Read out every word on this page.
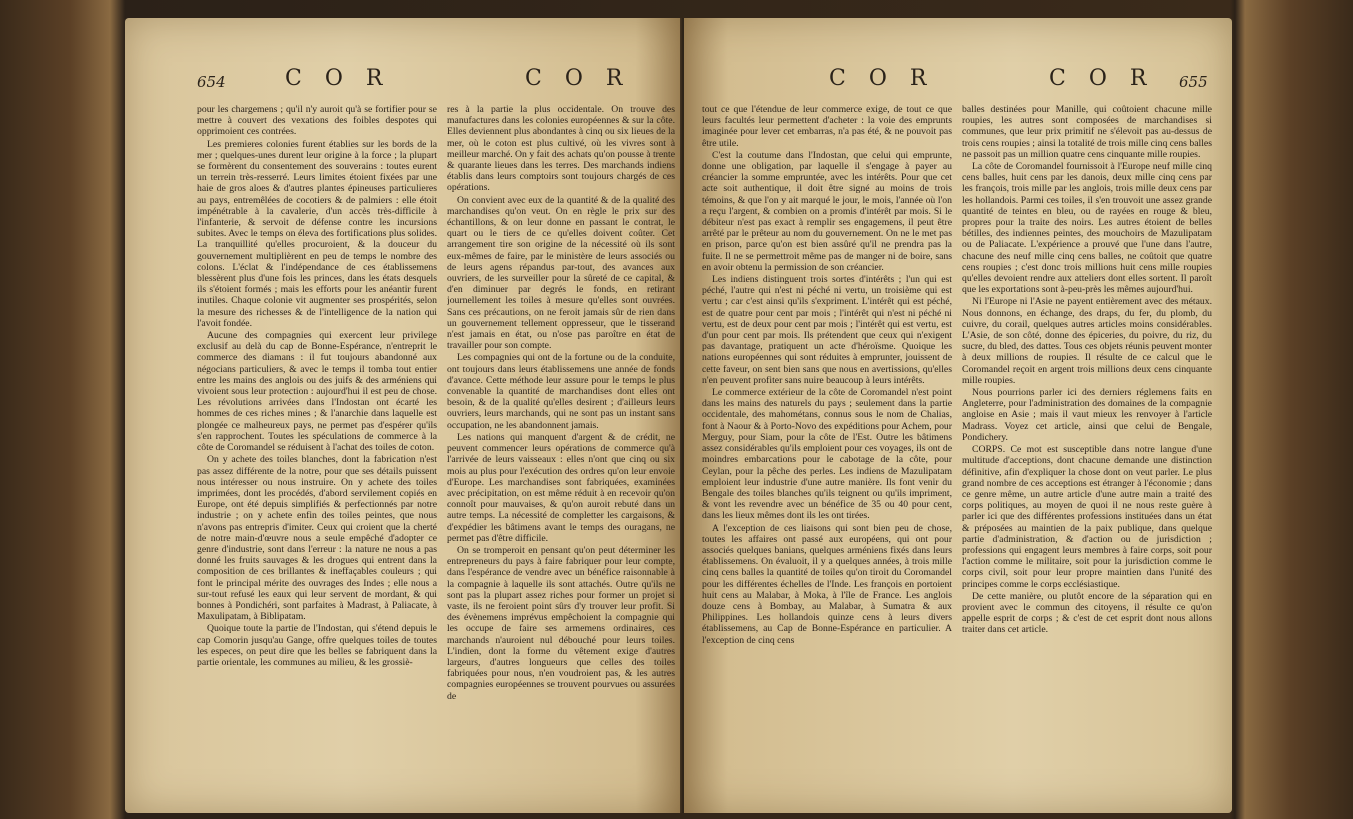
654	C O R	C O R

pour les chargemens ; qu'il n'y auroit qu'à se fortifier pour se mettre à couvert des vexations des foibles despotes qui opprimoient ces contrées.

Les premieres colonies furent établies sur les bords de la mer ; quelques-unes durent leur origine à la force ; la plupart se formèrent du consentement des souverains : toutes eurent un terrein très-resserré. Leurs limites étoient fixées par une haie de gros aloes & d'autres plantes épineuses particulieres au pays, entremêlées de cocotiers & de palmiers : elle étoit impénétrable à la cavalerie, d'un accès très-difficile à l'infanterie, & servoit de défense contre les incursions subites. Avec le temps on éleva des fortifications plus solides. La tranquillité qu'elles procuroient, & la douceur du gouvernement multiplièrent en peu de temps le nombre des colons. L'éclat & l'indépendance de ces établissemens blessèrent plus d'une fois les princes, dans les états desquels ils s'étoient formés ; mais les efforts pour les anéantir furent inutiles. Chaque colonie vit augmenter ses prospérités, selon la mesure des richesses & de l'intelligence de la nation qui l'avoit fondée.

Aucune des compagnies qui exercent leur privilege exclusif au delà du cap de Bonne-Espérance, n'entreprit le commerce des diamans : il fut toujours abandonné aux négocians particuliers, & avec le temps il tomba tout entier entre les mains des anglois ou des juifs & des arméniens qui vivoient sous leur protection : aujourd'hui il est peu de chose. Les révolutions arrivées dans l'Indostan ont écarté les hommes de ces riches mines ; & l'anarchie dans laquelle est plongée ce malheureux pays, ne permet pas d'espérer qu'ils s'en rapprochent. Toutes les spéculations de commerce à la côte de Coromandel se réduisent à l'achat des toiles de coton.

On y achete des toiles blanches, dont la fabrication n'est pas assez différente de la notre, pour que ses détails puissent nous intéresser ou nous instruire. On y achete des toiles imprimées, dont les procédés, d'abord servilement copiés en Europe, ont été depuis simplifiés & perfectionnés par notre industrie ; on y achete enfin des toiles peintes, que nous n'avons pas entrepris d'imiter. Ceux qui croient que la cherté de notre main-d'œuvre nous a seule empêché d'adopter ce genre d'industrie, sont dans l'erreur : la nature ne nous a pas donné les fruits sauvages & les drogues qui entrent dans la composition de ces brillantes & ineffaçables couleurs ; qui font le principal mérite des ouvrages des Indes ; elle nous a sur-tout refusé les eaux qui leur servent de mordant, & qui bonnes à Pondichéri, sont parfaites à Madrast, à Paliacate, à Maxulipatam, à Biblipatam.

Quoique toute la partie de l'Indostan, qui s'étend depuis le cap Comorin jusqu'au Gange, offre quelques toiles de toutes les especes, on peut dire que les belles se fabriquent dans la partie orientale, les communes au milieu, & les grossiè-

res à la partie la plus occidentale. On trouve des manufactures dans les colonies européennes & sur la côte. Elles deviennent plus abondantes à cinq ou six lieues de la mer, où le coton est plus cultivé, où les vivres sont à meilleur marché. On y fait des achats qu'on pousse à trente & quarante lieues dans les terres. Des marchands indiens établis dans leurs comptoirs sont toujours chargés de ces opérations.

On convient avec eux de la quantité & de la qualité des marchandises qu'on veut. On en règle le prix sur des échantillons, & on leur donne en passant le contrat, le quart ou le tiers de ce qu'elles doivent coûter. Cet arrangement tire son origine de la nécessité où ils sont eux-mêmes de faire, par le ministère de leurs associés ou de leurs agens répandus par-tout, des avances aux ouvriers, de les surveiller pour la sûreté de ce capital, & d'en diminuer par degrés le fonds, en retirant journellement les toiles à mesure qu'elles sont ouvrées. Sans ces précautions, on ne feroit jamais sûr de rien dans un gouvernement tellement oppresseur, que le tisserand n'est jamais en état, ou n'ose pas paroître en état de travailler pour son compte.

Les compagnies qui ont de la fortune ou de la conduite, ont toujours dans leurs établissemens une année de fonds d'avance. Cette méthode leur assure pour le temps le plus convenable la quantité de marchandises dont elles ont besoin, & de la qualité qu'elles desirent ; d'ailleurs leurs ouvriers, leurs marchands, qui ne sont pas un instant sans occupation, ne les abandonnent jamais.

Les nations qui manquent d'argent & de crédit, ne peuvent commencer leurs opérations de commerce qu'à l'arrivée de leurs vaisseaux : elles n'ont que cinq ou six mois au plus pour l'exécution des ordres qu'on leur envoie d'Europe. Les marchandises sont fabriquées, examinées avec précipitation, on est même réduit à en recevoir qu'on connoît pour mauvaises, & qu'on auroit rebuté dans un autre temps. La nécessité de completter les cargaisons, & d'expédier les bâtimens avant le temps des ouragans, ne permet pas d'être difficile.

On se tromperoit en pensant qu'on peut déterminer les entrepreneurs du pays à faire fabriquer pour leur compte, dans l'espérance de vendre avec un bénéfice raisonnable à la compagnie à laquelle ils sont attachés. Outre qu'ils ne sont pas la plupart assez riches pour former un projet si vaste, ils ne feroient point sûrs d'y trouver leur profit. Si des évènemens imprévus empêchoient la compagnie qui les occupe de faire ses armemens ordinaires, ces marchands n'auroient nul débouché pour leurs toiles. L'indien, dont la forme du vêtement exige d'autres largeurs, d'autres longueurs que celles des toiles fabriquées pour nous, n'en voudroient pas, & les autres compagnies européennes se trouvent pourvues ou assurées de

C O R	C O R 655

tout ce que l'étendue de leur commerce exige, de tout ce que leurs facultés leur permettent d'acheter : la voie des emprunts imaginée pour lever cet embarras, n'a pas été, & ne pouvoit pas être utile.

C'est la coutume dans l'Indostan, que celui qui emprunte, donne une obligation, par laquelle il s'engage à payer au créancier la somme empruntée, avec les intérêts. Pour que cet acte soit authentique, il doit être signé au moins de trois témoins, & que l'on y ait marqué le jour, le mois, l'année où l'on a reçu l'argent, & combien on a promis d'intérêt par mois. Si le débiteur n'est pas exact à remplir ses engagemens, il peut être arrêté par le prêteur au nom du gouvernement. On ne le met pas en prison, parce qu'on est bien assûré qu'il ne prendra pas la fuite. Il ne se permettroit même pas de manger ni de boire, sans en avoir obtenu la permission de son créancier.

Les indiens distinguent trois sortes d'intérêts ; l'un qui est péché, l'autre qui n'est ni péché ni vertu, un troisième qui est vertu ; car c'est ainsi qu'ils s'expriment. L'intérêt qui est péché, est de quatre pour cent par mois ; l'intérêt qui n'est ni péché ni vertu, est de deux pour cent par mois ; l'intérêt qui est vertu, est d'un pour cent par mois. Ils prétendent que ceux qui n'exigent pas davantage, pratiquent un acte d'héroïsme. Quoique les nations européennes qui sont réduites à emprunter, jouissent de cette faveur, on sent bien sans que nous en avertissions, qu'elles n'en peuvent profiter sans nuire beaucoup à leurs intérêts.

Le commerce extérieur de la côte de Coromandel n'est point dans les mains des naturels du pays ; seulement dans la partie occidentale, des mahométans, connus sous le nom de Chalias, font à Naour & à Porto-Novo des expéditions pour Achem, pour Merguy, pour Siam, pour la côte de l'Est. Outre les bâtimens assez considérables qu'ils emploient pour ces voyages, ils ont de moindres embarcations pour le cabotage de la côte, pour Ceylan, pour la pêche des perles. Les indiens de Mazulipatam emploient leur industrie d'une autre manière. Ils font venir du Bengale des toiles blanches qu'ils teignent ou qu'ils impriment, & vont les revendre avec un bénéfice de 35 ou 40 pour cent, dans les lieux mêmes dont ils les ont tirées.

A l'exception de ces liaisons qui sont bien peu de chose, toutes les affaires ont passé aux européens, qui ont pour associés quelques banians, quelques arméniens fixés dans leurs établissemens. On évaluoit, il y a quelques années, à trois mille cinq cens balles la quantité de toiles qu'on tiroit du Coromandel pour les différentes échelles de l'Inde. Les françois en portoient huit cens au Malabar, à Moka, à l'île de France. Les anglois douze cens à Bombay, au Malabar, à Sumatra & aux Philippines. Les hollandois quinze cens à leurs divers établissemens, au Cap de Bonne-Espérance en particulier. A l'exception de cinq cens

balles destinées pour Manille, qui coûtoient chacune mille roupies, les autres sont composées de marchandises si communes, que leur prix primitif ne s'élevoit pas au-dessus de trois cens roupies ; ainsi la totalité de trois mille cinq cens balles ne passoit pas un million quatre cens cinquante mille roupies.

La côte de Coromandel fournissoit à l'Europe neuf mille cinq cens balles, huit cens par les danois, deux mille cinq cens par les françois, trois mille par les anglois, trois mille deux cens par les hollandois. Parmi ces toiles, il s'en trouvoit une assez grande quantité de teintes en bleu, ou de rayées en rouge & bleu, propres pour la traite des noirs. Les autres étoient de belles bétilles, des indiennes peintes, des mouchoirs de Mazulipatam ou de Paliacate. L'expérience a prouvé que l'une dans l'autre, chacune des neuf mille cinq cens balles, ne coûtoit que quatre cens roupies ; c'est donc trois millions huit cens mille roupies qu'elles devoient rendre aux atteliers dont elles sortent. Il paroît que les exportations sont à-peu-près les mêmes aujourd'hui.

Ni l'Europe ni l'Asie ne payent entièrement avec des métaux. Nous donnons, en échange, des draps, du fer, du plomb, du cuivre, du corail, quelques autres articles moins considérables. L'Asie, de son côté, donne des épiceries, du poivre, du riz, du sucre, du bled, des dattes. Tous ces objets réunis peuvent monter à deux millions de roupies. Il résulte de ce calcul que le Coromandel reçoit en argent trois millions deux cens cinquante mille roupies.

Nous pourrions parler ici des derniers réglemens faits en Angleterre, pour l'administration des domaines de la compagnie angloise en Asie ; mais il vaut mieux les renvoyer à l'article Madrass. Voyez cet article, ainsi que celui de Bengale, Pondichery.

CORPS. Ce mot est susceptible dans notre langue d'une multitude d'acceptions, dont chacune demande une distinction définitive, afin d'expliquer la chose dont on veut parler. Le plus grand nombre de ces acceptions est étranger à l'économie ; dans ce genre même, un autre article d'une autre main a traité des corps politiques, au moyen de quoi il ne nous reste guère à parler ici que des différentes professions instituées dans un état & préposées au maintien de la paix publique, dans quelque partie d'administration, & d'action ou de jurisdiction ; professions qui engagent leurs membres à faire corps, soit pour l'action comme le militaire, soit pour la jurisdiction comme le corps civil, soit pour leur propre maintien dans l'unité des principes comme le corps ecclésiastique.

De cette manière, ou plutôt encore de la séparation qui en provient avec le commun des citoyens, il résulte ce qu'on appelle esprit de corps ; & c'est de cet esprit dont nous allons traiter dans cet article.
